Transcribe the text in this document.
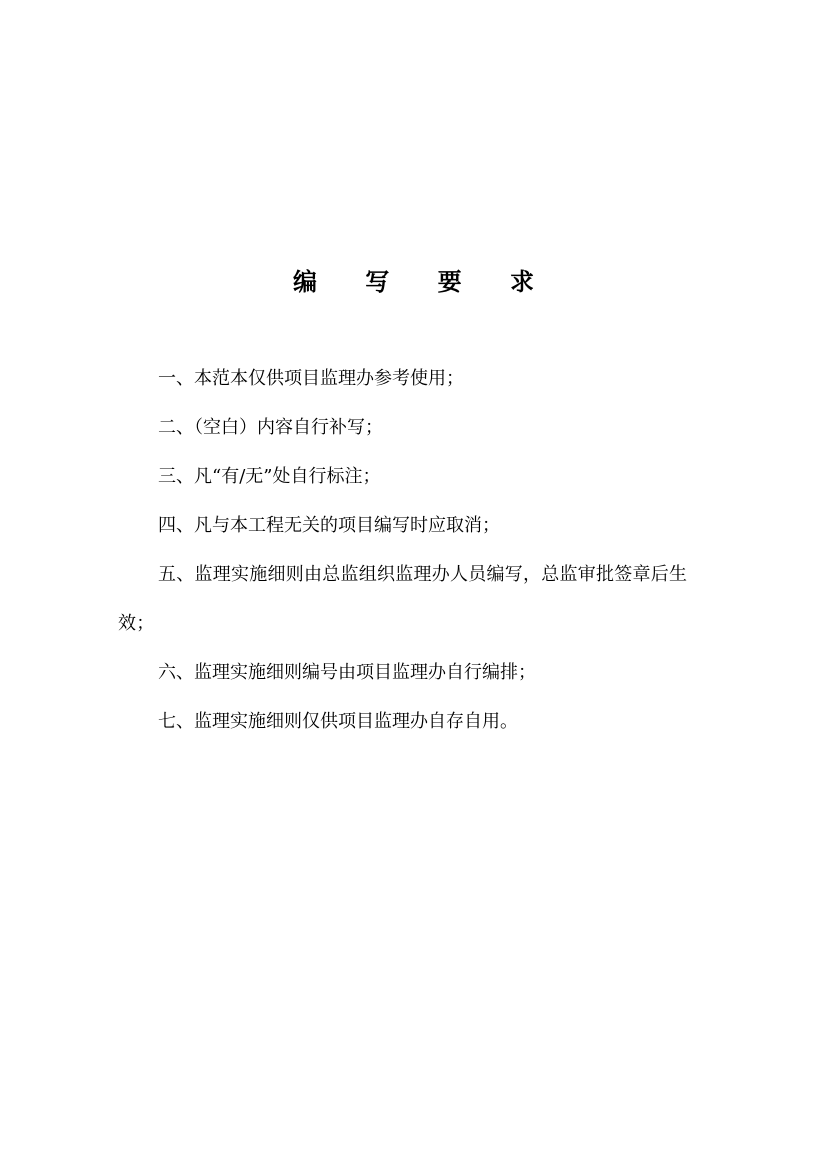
编 写 要 求

一、本范本仅供项目监理办参考使用；

二、（空白）内容自行补写；

三、凡“有/无”处自行标注；

四、凡与本工程无关的项目编写时应取消；

五、监理实施细则由总监组织监理办人员编写，总监审批签章后生效；

六、监理实施细则编号由项目监理办自行编排；

七、监理实施细则仅供项目监理办自存自用。
